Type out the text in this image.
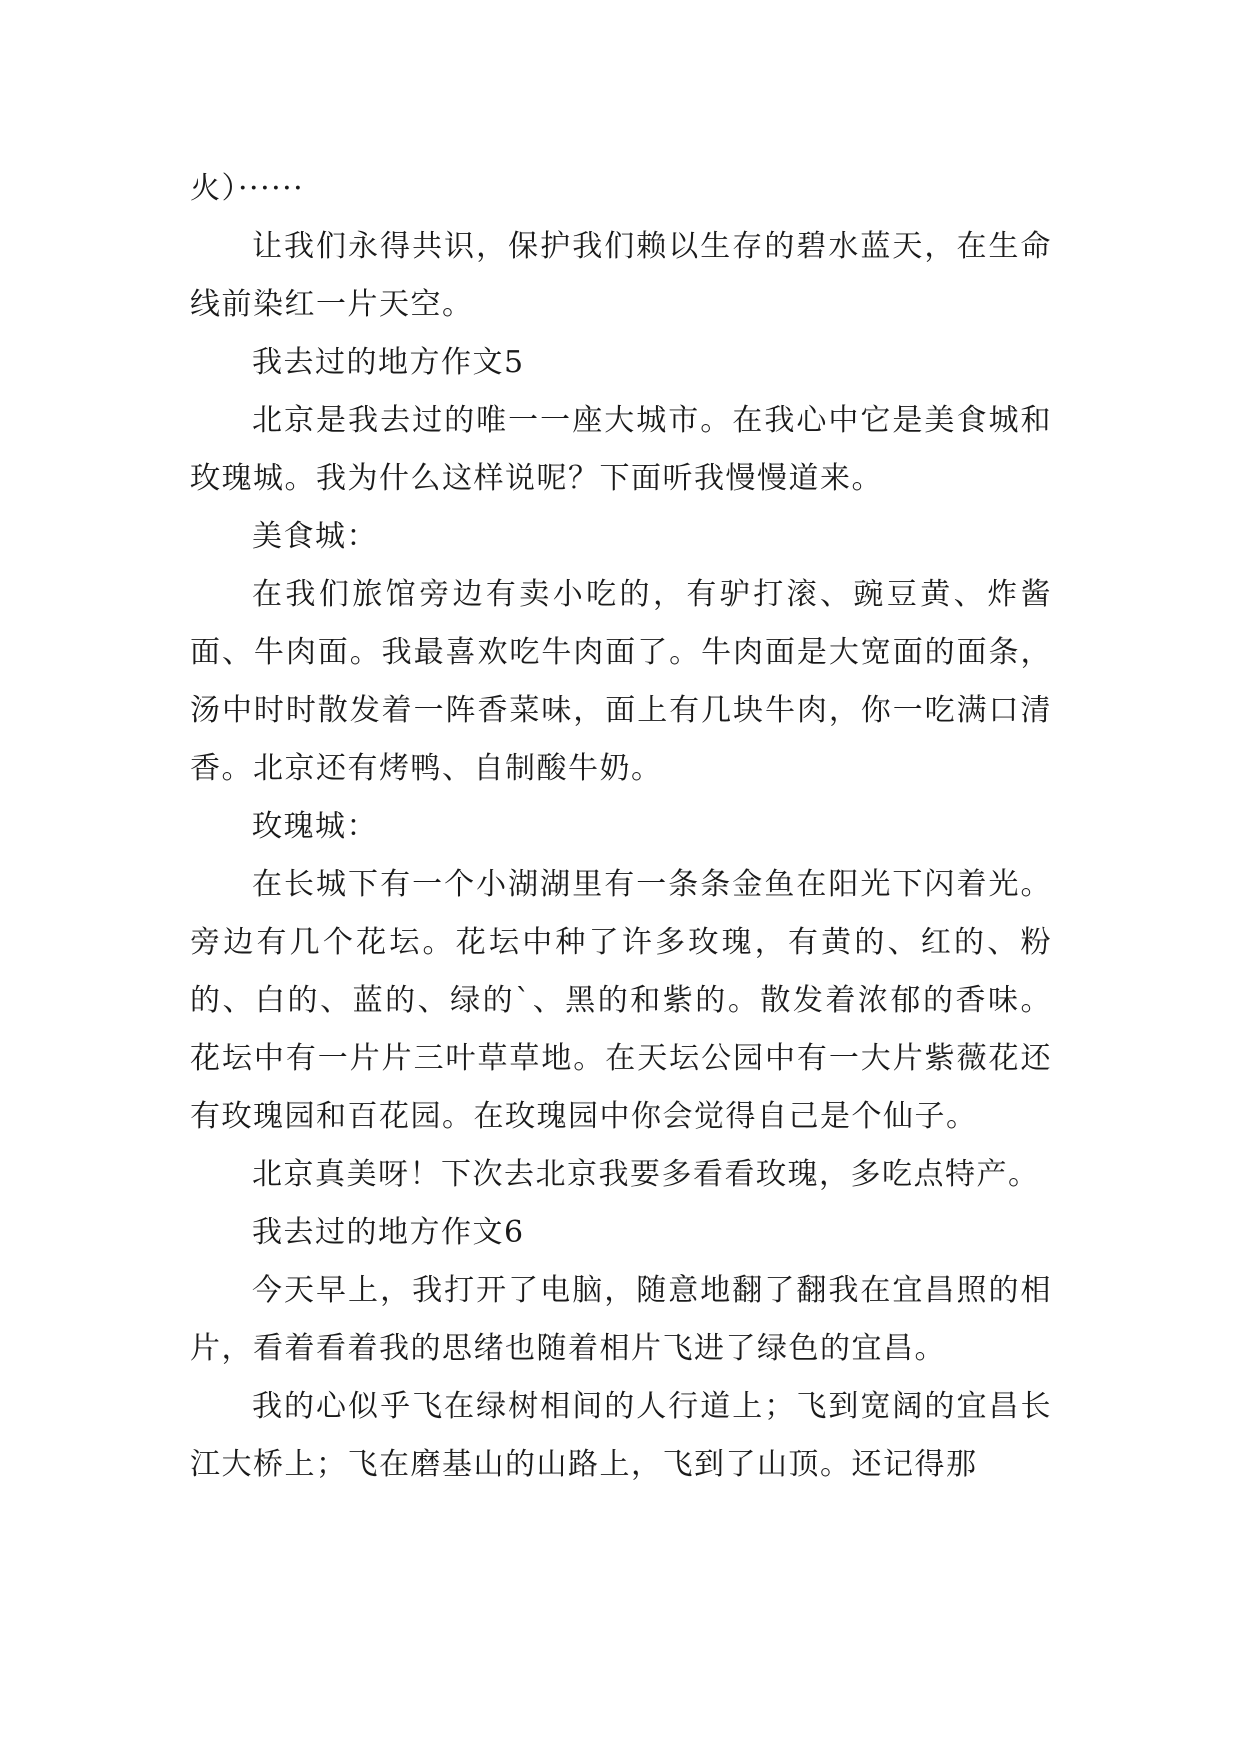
火）······

让我们永得共识，保护我们赖以生存的碧水蓝天，在生命线前染红一片天空。

我去过的地方作文5

北京是我去过的唯一一座大城市。在我心中它是美食城和玫瑰城。我为什么这样说呢？下面听我慢慢道来。

美食城：

在我们旅馆旁边有卖小吃的，有驴打滚、豌豆黄、炸酱面、牛肉面。我最喜欢吃牛肉面了。牛肉面是大宽面的面条，汤中时时散发着一阵香菜味，面上有几块牛肉，你一吃满口清香。北京还有烤鸭、自制酸牛奶。

玫瑰城：

在长城下有一个小湖湖里有一条条金鱼在阳光下闪着光。旁边有几个花坛。花坛中种了许多玫瑰，有黄的、红的、粉的、白的、蓝的、绿的`、黑的和紫的。散发着浓郁的香味。花坛中有一片片三叶草草地。在天坛公园中有一大片紫薇花还有玫瑰园和百花园。在玫瑰园中你会觉得自己是个仙子。

北京真美呀！下次去北京我要多看看玫瑰，多吃点特产。

我去过的地方作文6

今天早上，我打开了电脑，随意地翻了翻我在宜昌照的相片，看着看着我的思绪也随着相片飞进了绿色的宜昌。

我的心似乎飞在绿树相间的人行道上；飞到宽阔的宜昌长江大桥上；飞在磨基山的山路上，飞到了山顶。还记得那
